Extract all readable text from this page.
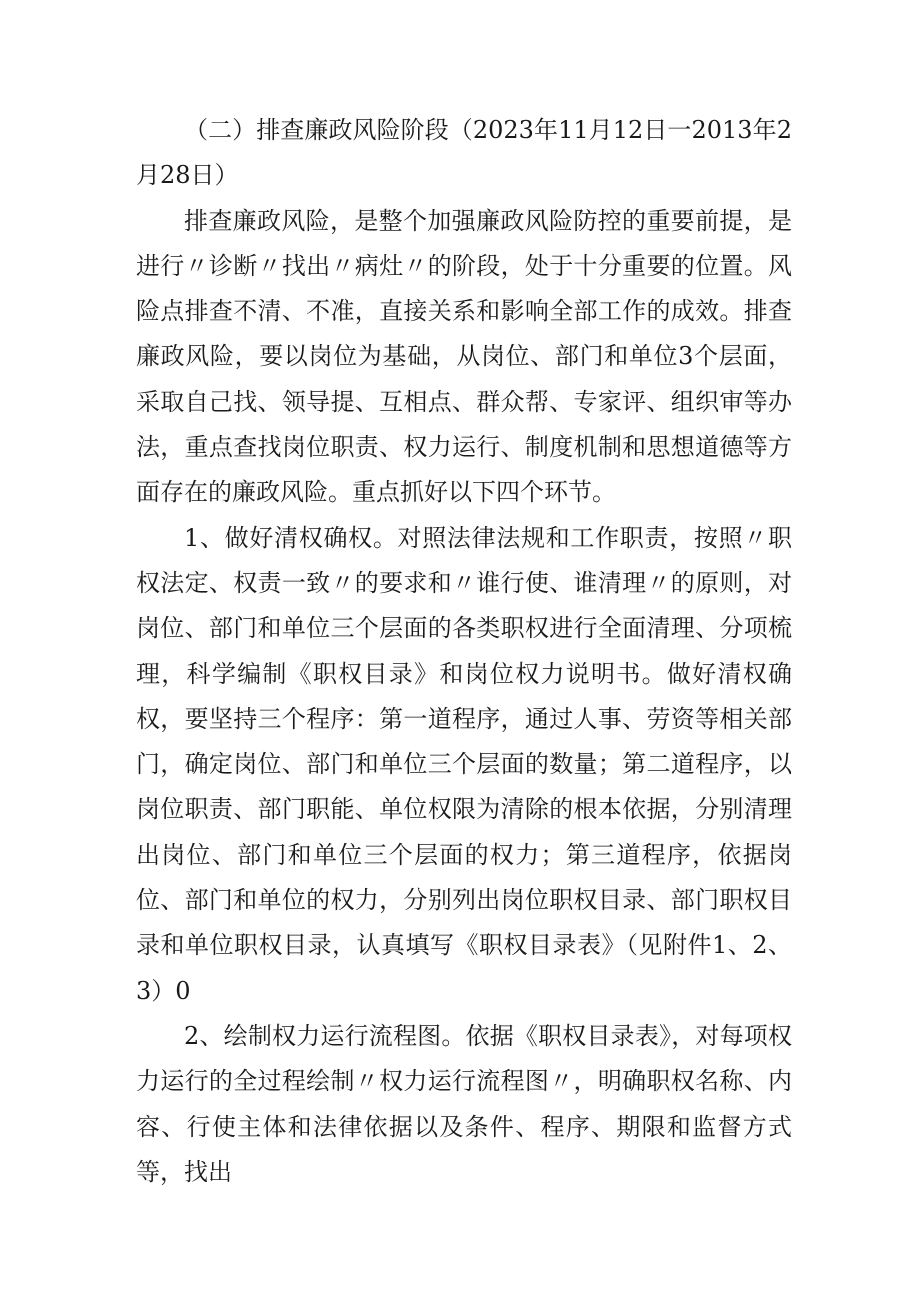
（二）排查廉政风险阶段（2023年11月12日一2013年2月28日）

排查廉政风险，是整个加强廉政风险防控的重要前提，是进行〃诊断〃找出〃病灶〃的阶段，处于十分重要的位置。风险点排查不清、不准，直接关系和影响全部工作的成效。排查廉政风险，要以岗位为基础，从岗位、部门和单位3个层面，采取自己找、领导提、互相点、群众帮、专家评、组织审等办法，重点查找岗位职责、权力运行、制度机制和思想道德等方面存在的廉政风险。重点抓好以下四个环节。

1、做好清权确权。对照法律法规和工作职责，按照〃职权法定、权责一致〃的要求和〃谁行使、谁清理〃的原则，对岗位、部门和单位三个层面的各类职权进行全面清理、分项梳理，科学编制《职权目录》和岗位权力说明书。做好清权确权，要坚持三个程序：第一道程序，通过人事、劳资等相关部门，确定岗位、部门和单位三个层面的数量；第二道程序，以岗位职责、部门职能、单位权限为清除的根本依据，分别清理出岗位、部门和单位三个层面的权力；第三道程序，依据岗位、部门和单位的权力，分别列出岗位职权目录、部门职权目录和单位职权目录，认真填写《职权目录表》（见附件1、2、3）0

2、绘制权力运行流程图。依据《职权目录表》，对每项权力运行的全过程绘制〃权力运行流程图〃，明确职权名称、内容、行使主体和法律依据以及条件、程序、期限和监督方式等，找出
